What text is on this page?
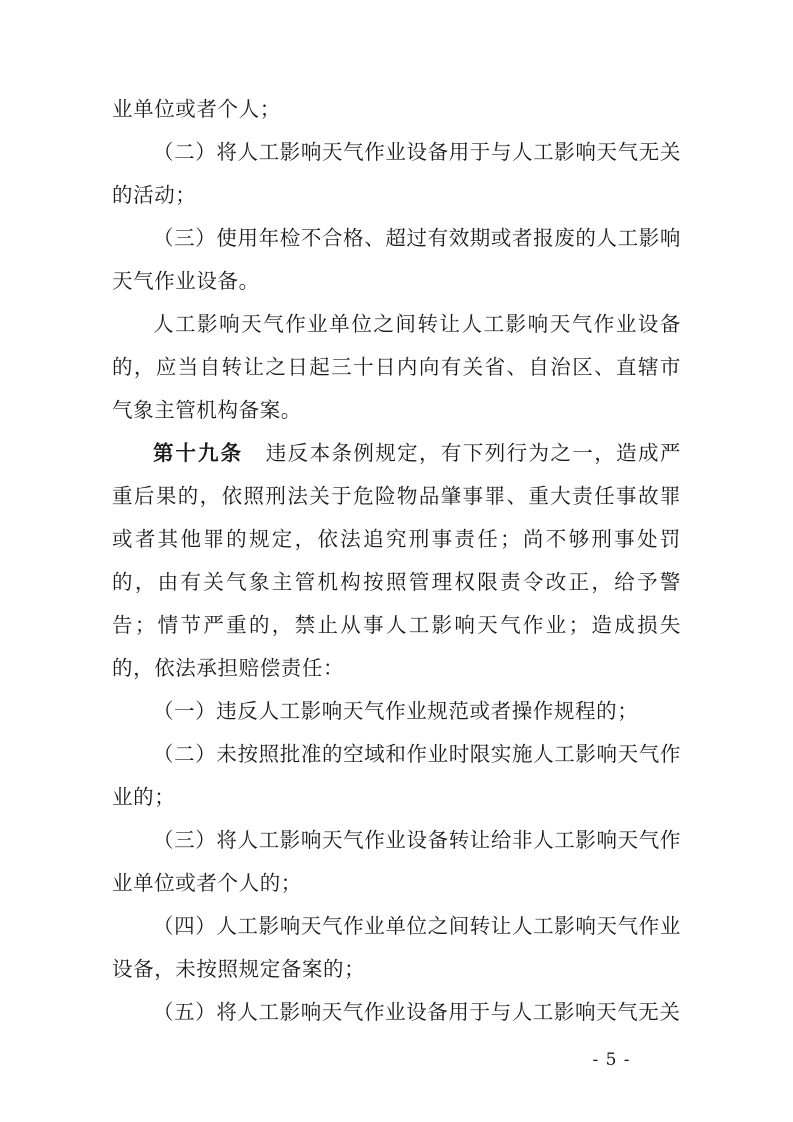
业单位或者个人；

（二）将人工影响天气作业设备用于与人工影响天气无关的活动；

（三）使用年检不合格、超过有效期或者报废的人工影响天气作业设备。

人工影响天气作业单位之间转让人工影响天气作业设备的，应当自转让之日起三十日内向有关省、自治区、直辖市气象主管机构备案。

第十九条 违反本条例规定，有下列行为之一，造成严重后果的，依照刑法关于危险物品肇事罪、重大责任事故罪或者其他罪的规定，依法追究刑事责任；尚不够刑事处罚的，由有关气象主管机构按照管理权限责令改正，给予警告；情节严重的，禁止从事人工影响天气作业；造成损失的，依法承担赔偿责任：

（一）违反人工影响天气作业规范或者操作规程的；

（二）未按照批准的空域和作业时限实施人工影响天气作业的；

（三）将人工影响天气作业设备转让给非人工影响天气作业单位或者个人的；

（四）人工影响天气作业单位之间转让人工影响天气作业设备，未按照规定备案的；

（五）将人工影响天气作业设备用于与人工影响天气无关

- 5 -
